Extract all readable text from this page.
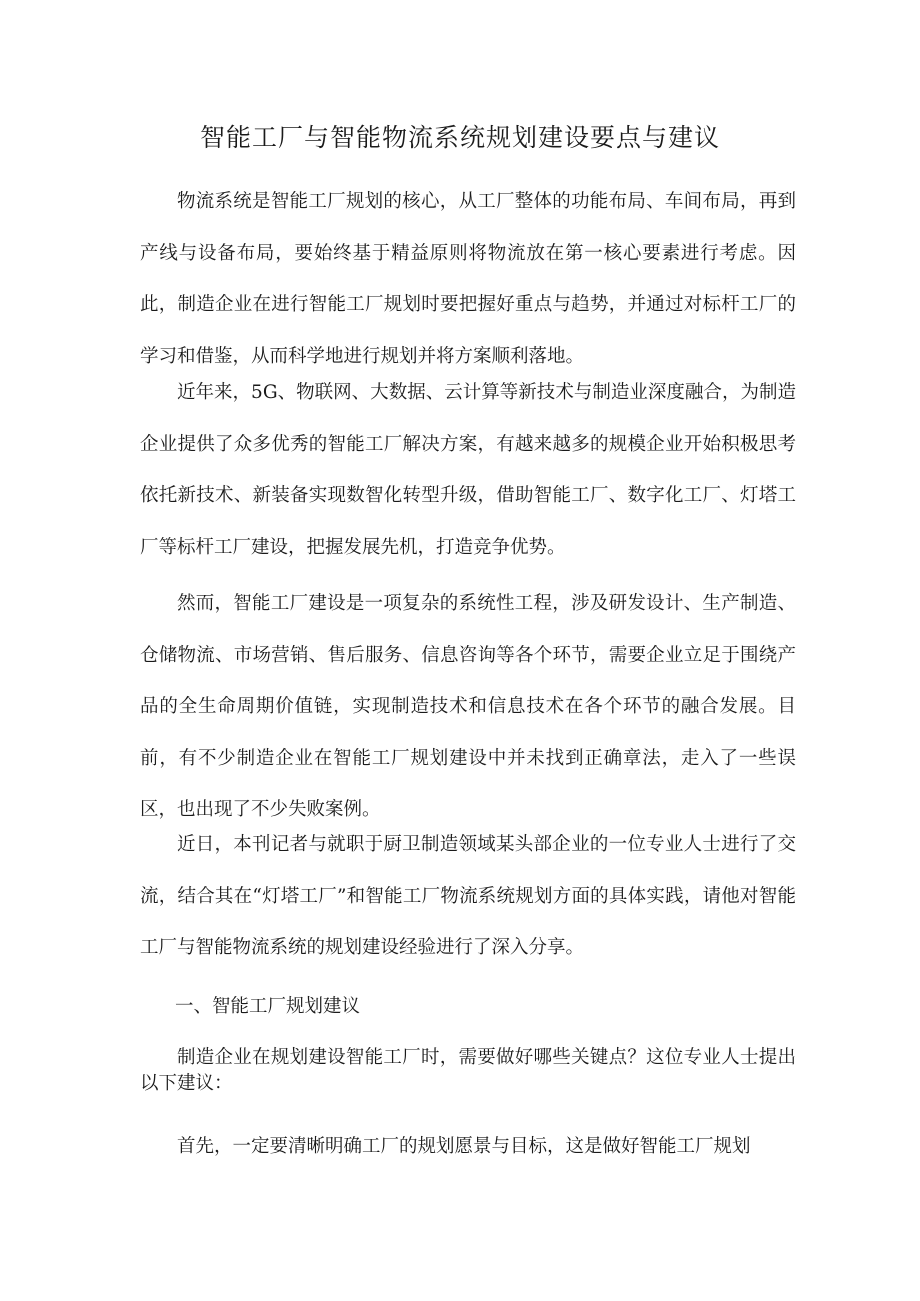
智能工厂与智能物流系统规划建设要点与建议

物流系统是智能工厂规划的核心，从工厂整体的功能布局、车间布局，再到产线与设备布局，要始终基于精益原则将物流放在第一核心要素进行考虑。因此，制造企业在进行智能工厂规划时要把握好重点与趋势，并通过对标杆工厂的学习和借鉴，从而科学地进行规划并将方案顺利落地。

近年来，5G、物联网、大数据、云计算等新技术与制造业深度融合，为制造企业提供了众多优秀的智能工厂解决方案，有越来越多的规模企业开始积极思考依托新技术、新装备实现数智化转型升级，借助智能工厂、数字化工厂、灯塔工厂等标杆工厂建设，把握发展先机，打造竞争优势。

然而，智能工厂建设是一项复杂的系统性工程，涉及研发设计、生产制造、仓储物流、市场营销、售后服务、信息咨询等各个环节，需要企业立足于围绕产品的全生命周期价值链，实现制造技术和信息技术在各个环节的融合发展。目前，有不少制造企业在智能工厂规划建设中并未找到正确章法，走入了一些误区，也出现了不少失败案例。

近日，本刊记者与就职于厨卫制造领域某头部企业的一位专业人士进行了交流，结合其在“灯塔工厂”和智能工厂物流系统规划方面的具体实践，请他对智能工厂与智能物流系统的规划建设经验进行了深入分享。

一、智能工厂规划建议

制造企业在规划建设智能工厂时，需要做好哪些关键点？这位专业人士提出以下建议：

首先，一定要清晰明确工厂的规划愿景与目标，这是做好智能工厂规划
